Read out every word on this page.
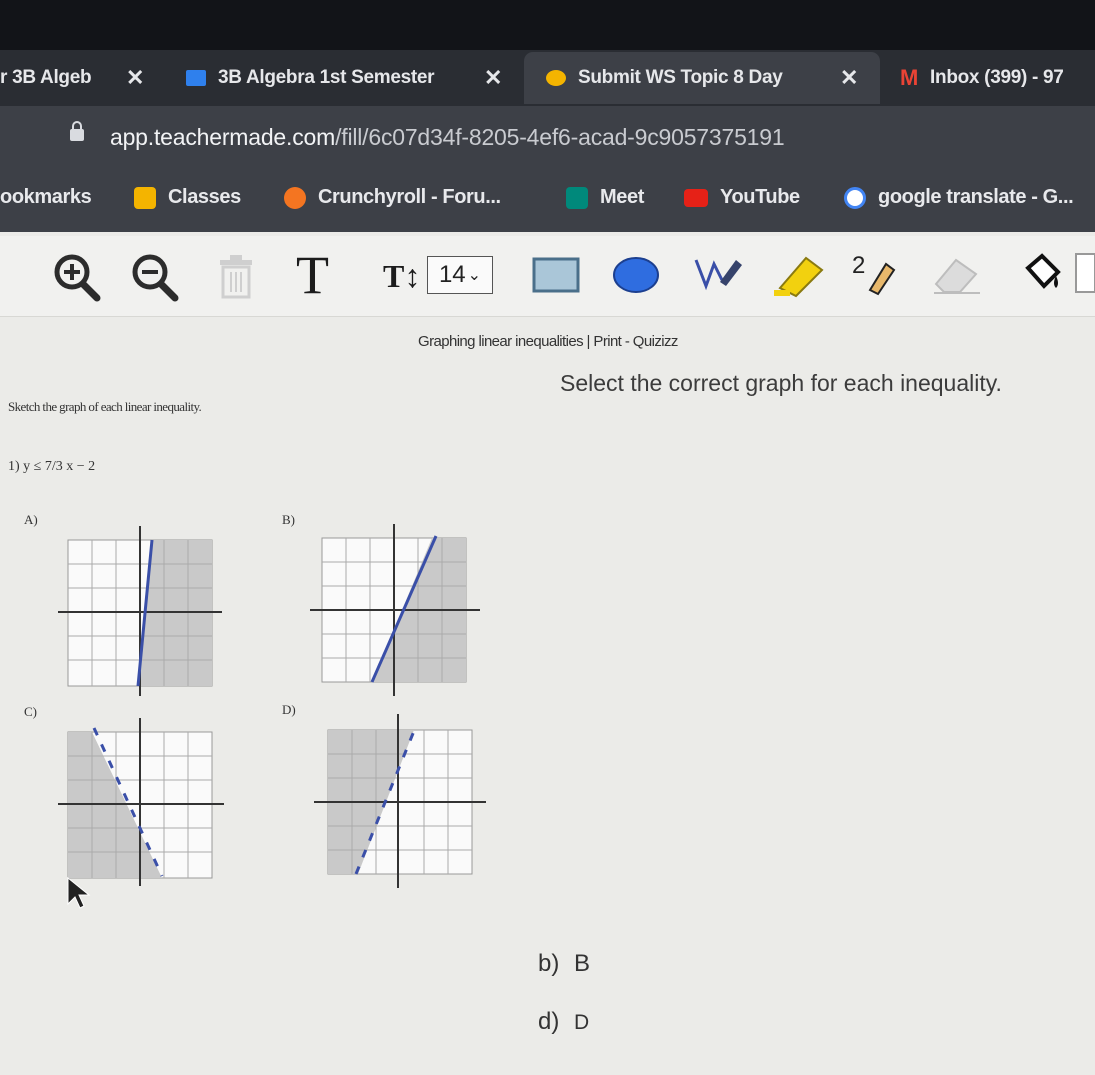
r 3B Algeb ✕	3B Algebra 1st Semester ✕	Submit WS Topic 8 Day	✕ M Inbox (399) - 97
app.teachermade.com/fill/6c07d34f-8205-4ef6-acad-9c9057375191
ookmarks	Classes	Crunchyroll - Foru...	Meet	YouTube	google translate - G...
T T↕ 14 ⌄	2
Graphing linear inequalities | Print - Quizizz
Select the correct graph for each inequality.
Sketch the graph of each linear inequality.
1) y ≤ 7/3 x − 2
A)	B)
C)	D)
b) B
d) D
